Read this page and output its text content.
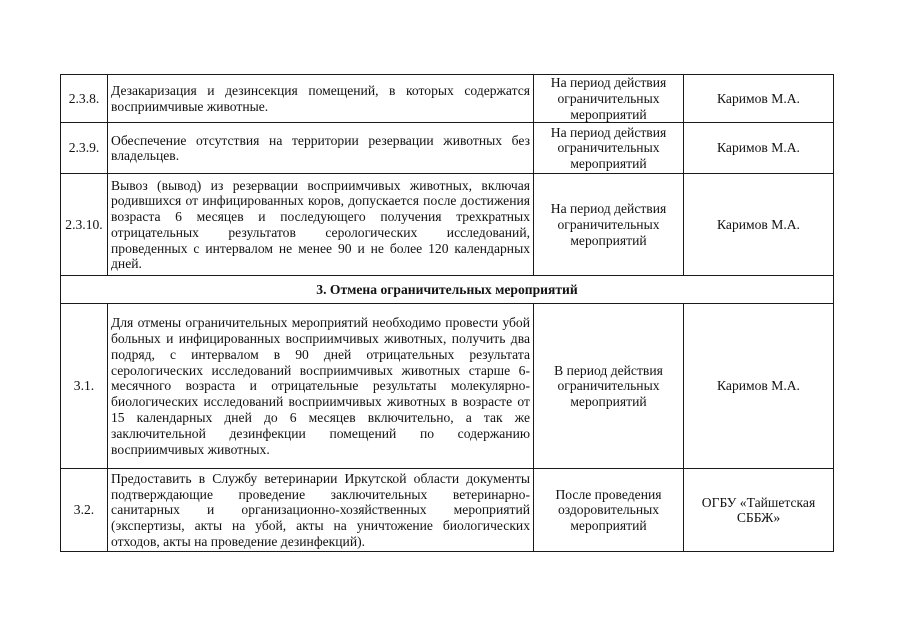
2.3.8.	Дезакаризация и дезинсекция помещений, в которых содержатся восприимчивые животные.	На период действия ограничительных мероприятий	Каримов М.А.
2.3.9.	Обеспечение отсутствия на территории резервации животных без владельцев.	На период действия ограничительных мероприятий	Каримов М.А.
2.3.10.	Вывоз (вывод) из резервации восприимчивых животных, включая родившихся от инфицированных коров, допускается после достижения возраста 6 месяцев и последующего получения трехкратных отрицательных результатов серологических исследований, проведенных с интервалом не менее 90 и не более 120 календарных дней.	На период действия ограничительных мероприятий	Каримов М.А.
3. Отмена ограничительных мероприятий			
3.1.	Для отмены ограничительных мероприятий необходимо провести убой больных и инфицированных восприимчивых животных, получить два подряд, с интервалом в 90 дней отрицательных результата серологических исследований восприимчивых животных старше 6-месячного возраста и отрицательные результаты молекулярно-биологических исследований восприимчивых животных в возрасте от 15 календарных дней до 6 месяцев включительно, а так же заключительной дезинфекции помещений по содержанию восприимчивых животных.	В период действия ограничительных мероприятий	Каримов М.А.
3.2.	Предоставить в Службу ветеринарии Иркутской области документы подтверждающие проведение заключительных ветеринарно-санитарных и организационно-хозяйственных мероприятий (экспертизы, акты на убой, акты на уничтожение биологических отходов, акты на проведение дезинфекций).	После проведения оздоровительных мероприятий	ОГБУ «Тайшетская СББЖ»
